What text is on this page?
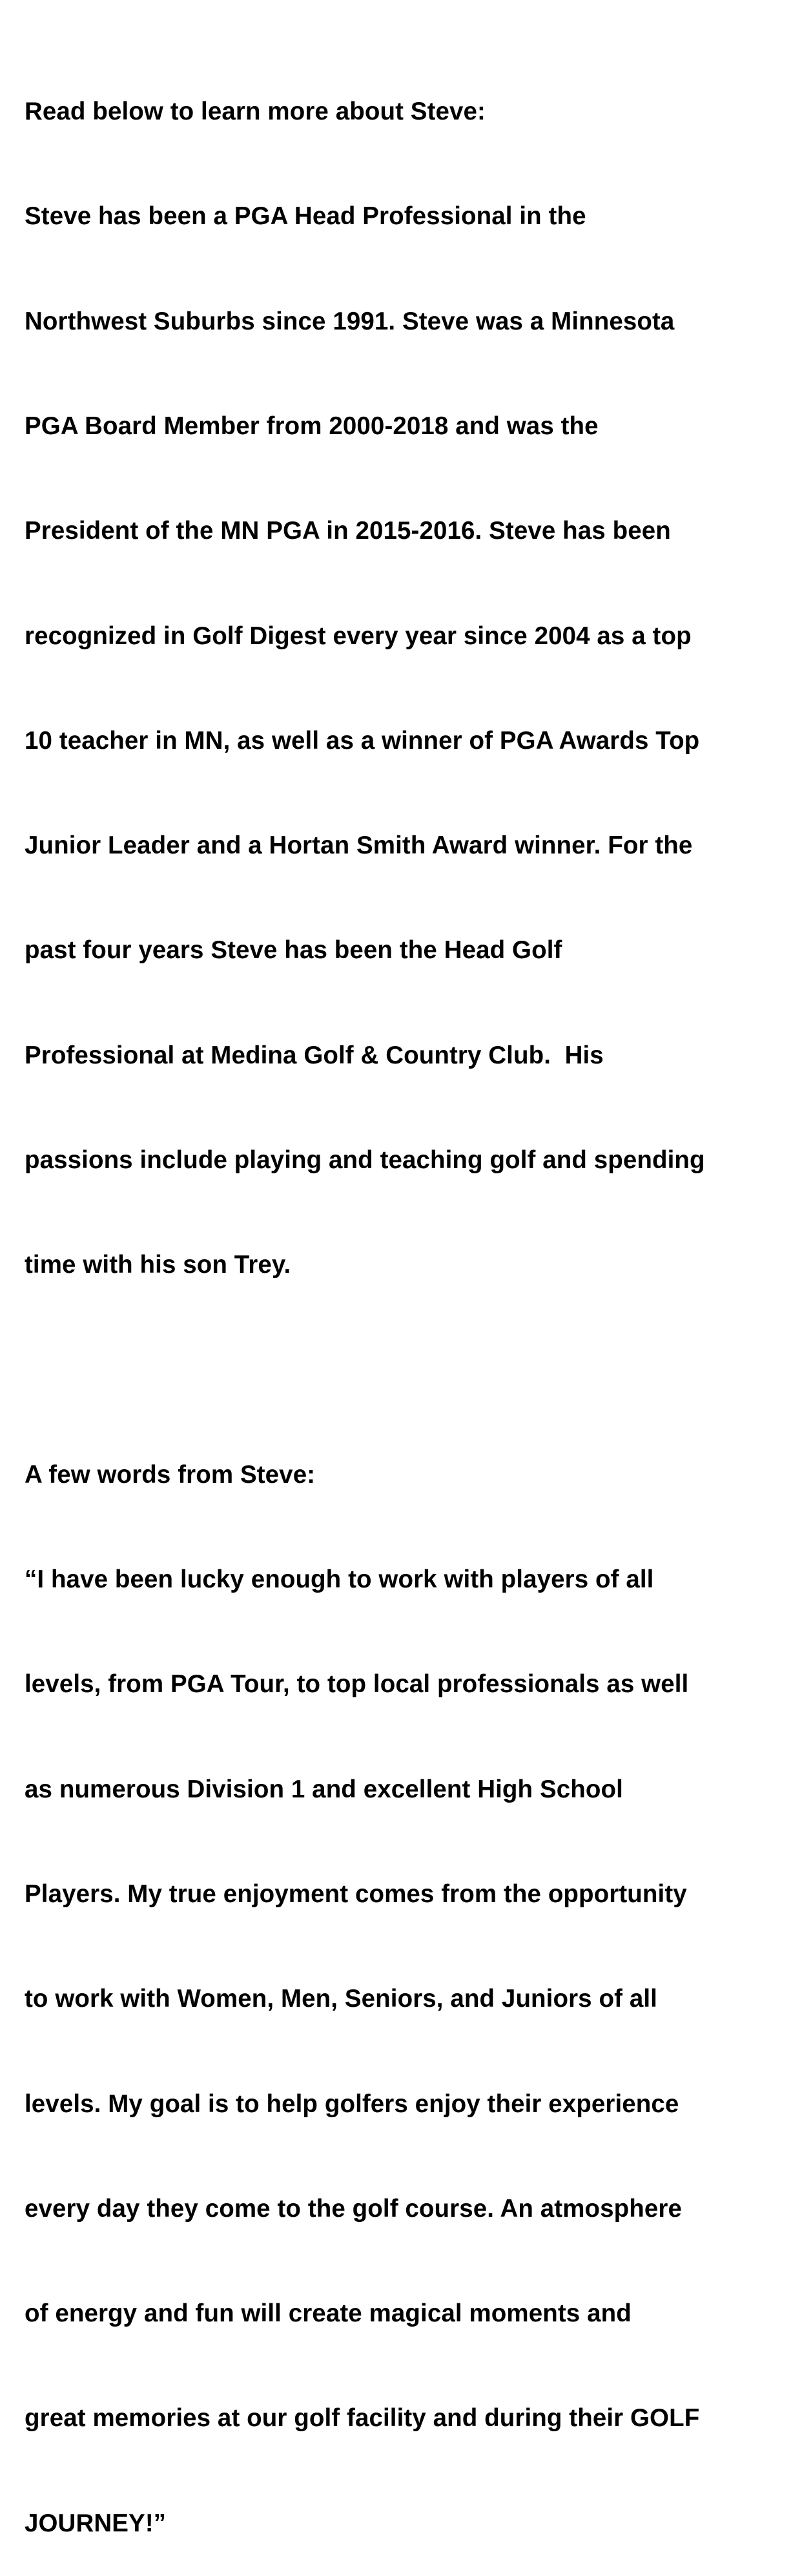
Read below to learn more about Steve:

Steve has been a PGA Head Professional in the

Northwest Suburbs since 1991. Steve was a Minnesota

PGA Board Member from 2000-2018 and was the

President of the MN PGA in 2015-2016. Steve has been

recognized in Golf Digest every year since 2004 as a top

10 teacher in MN, as well as a winner of PGA Awards Top

Junior Leader and a Hortan Smith Award winner. For the

past four years Steve has been the Head Golf

Professional at Medina Golf & Country Club.  His

passions include playing and teaching golf and spending

time with his son Trey.

A few words from Steve:

“I have been lucky enough to work with players of all

levels, from PGA Tour, to top local professionals as well

as numerous Division 1 and excellent High School

Players. My true enjoyment comes from the opportunity

to work with Women, Men, Seniors, and Juniors of all

levels. My goal is to help golfers enjoy their experience

every day they come to the golf course. An atmosphere

of energy and fun will create magical moments and

great memories at our golf facility and during their GOLF

JOURNEY!”
